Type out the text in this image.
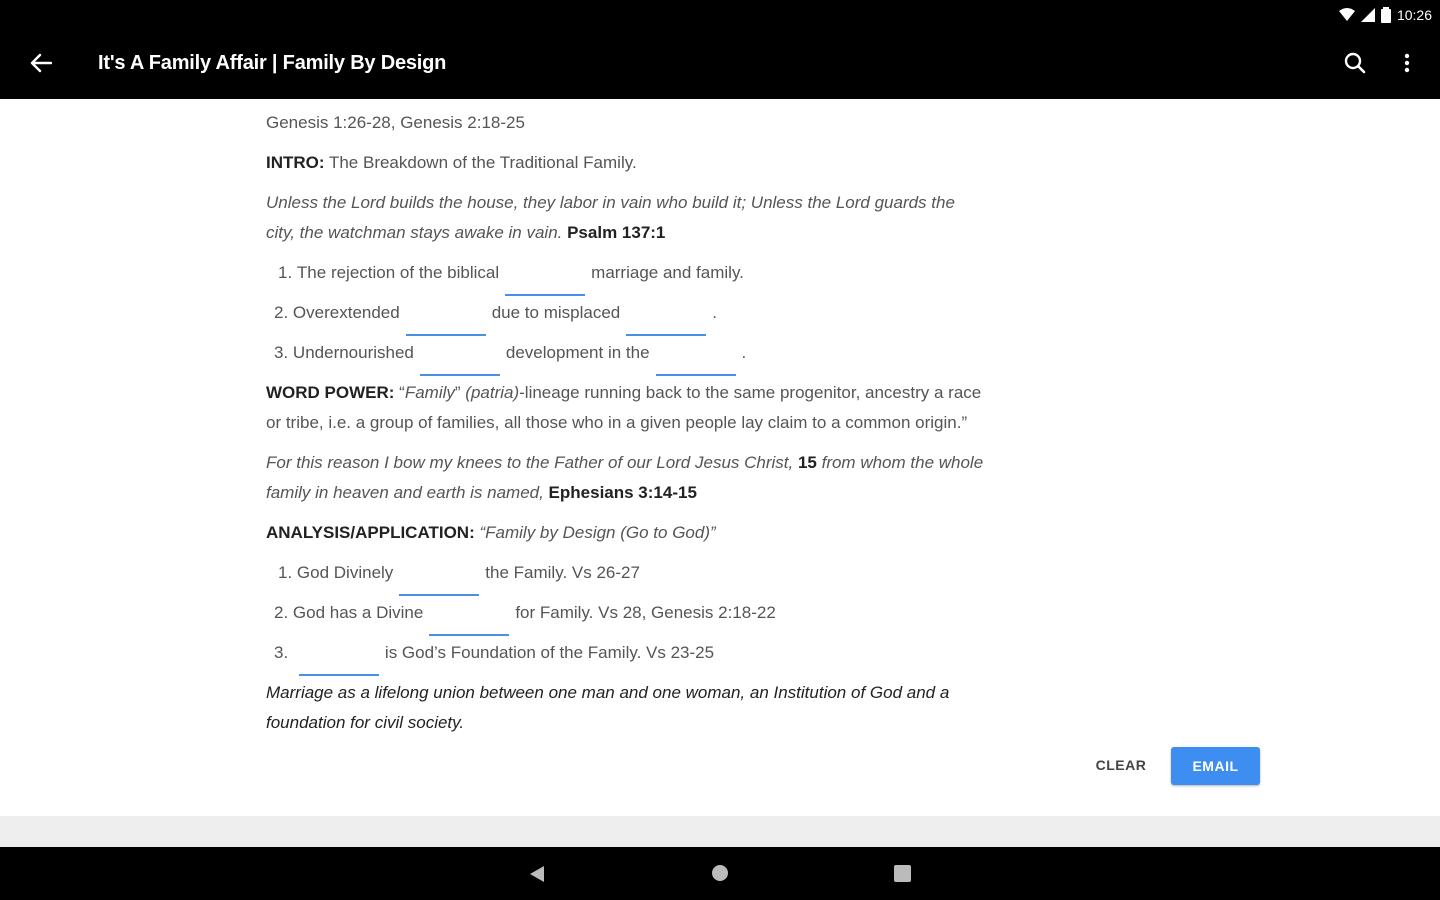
10:26
It's A Family Affair | Family By Design
Genesis 1:26-28, Genesis 2:18-25
INTRO: The Breakdown of the Traditional Family.
Unless the Lord builds the house, they labor in vain who build it; Unless the Lord guards the
city, the watchman stays awake in vain. Psalm 137:1
1.
The rejection of the biblical	marriage and family.
2.
Overextended	due to misplaced	.
3.
Undernourished	development in the	.
WORD POWER: “Family” (patria)-lineage running back to the same progenitor, ancestry a race
or tribe, i.e. a group of families, all those who in a given people lay claim to a common origin.”
For this reason I bow my knees to the Father of our Lord Jesus Christ, 15 from whom the whole
family in heaven and earth is named, Ephesians 3:14-15
ANALYSIS/APPLICATION: “Family by Design (Go to God)”
1.
God Divinely	the Family. Vs 26-27
2.
God has a Divine	for Family. Vs 28, Genesis 2:18-22
3.
	is God’s Foundation of the Family. Vs 23-25
Marriage as a lifelong union between one man and one woman, an Institution of God and a
foundation for civil society.
CLEAR	EMAIL
